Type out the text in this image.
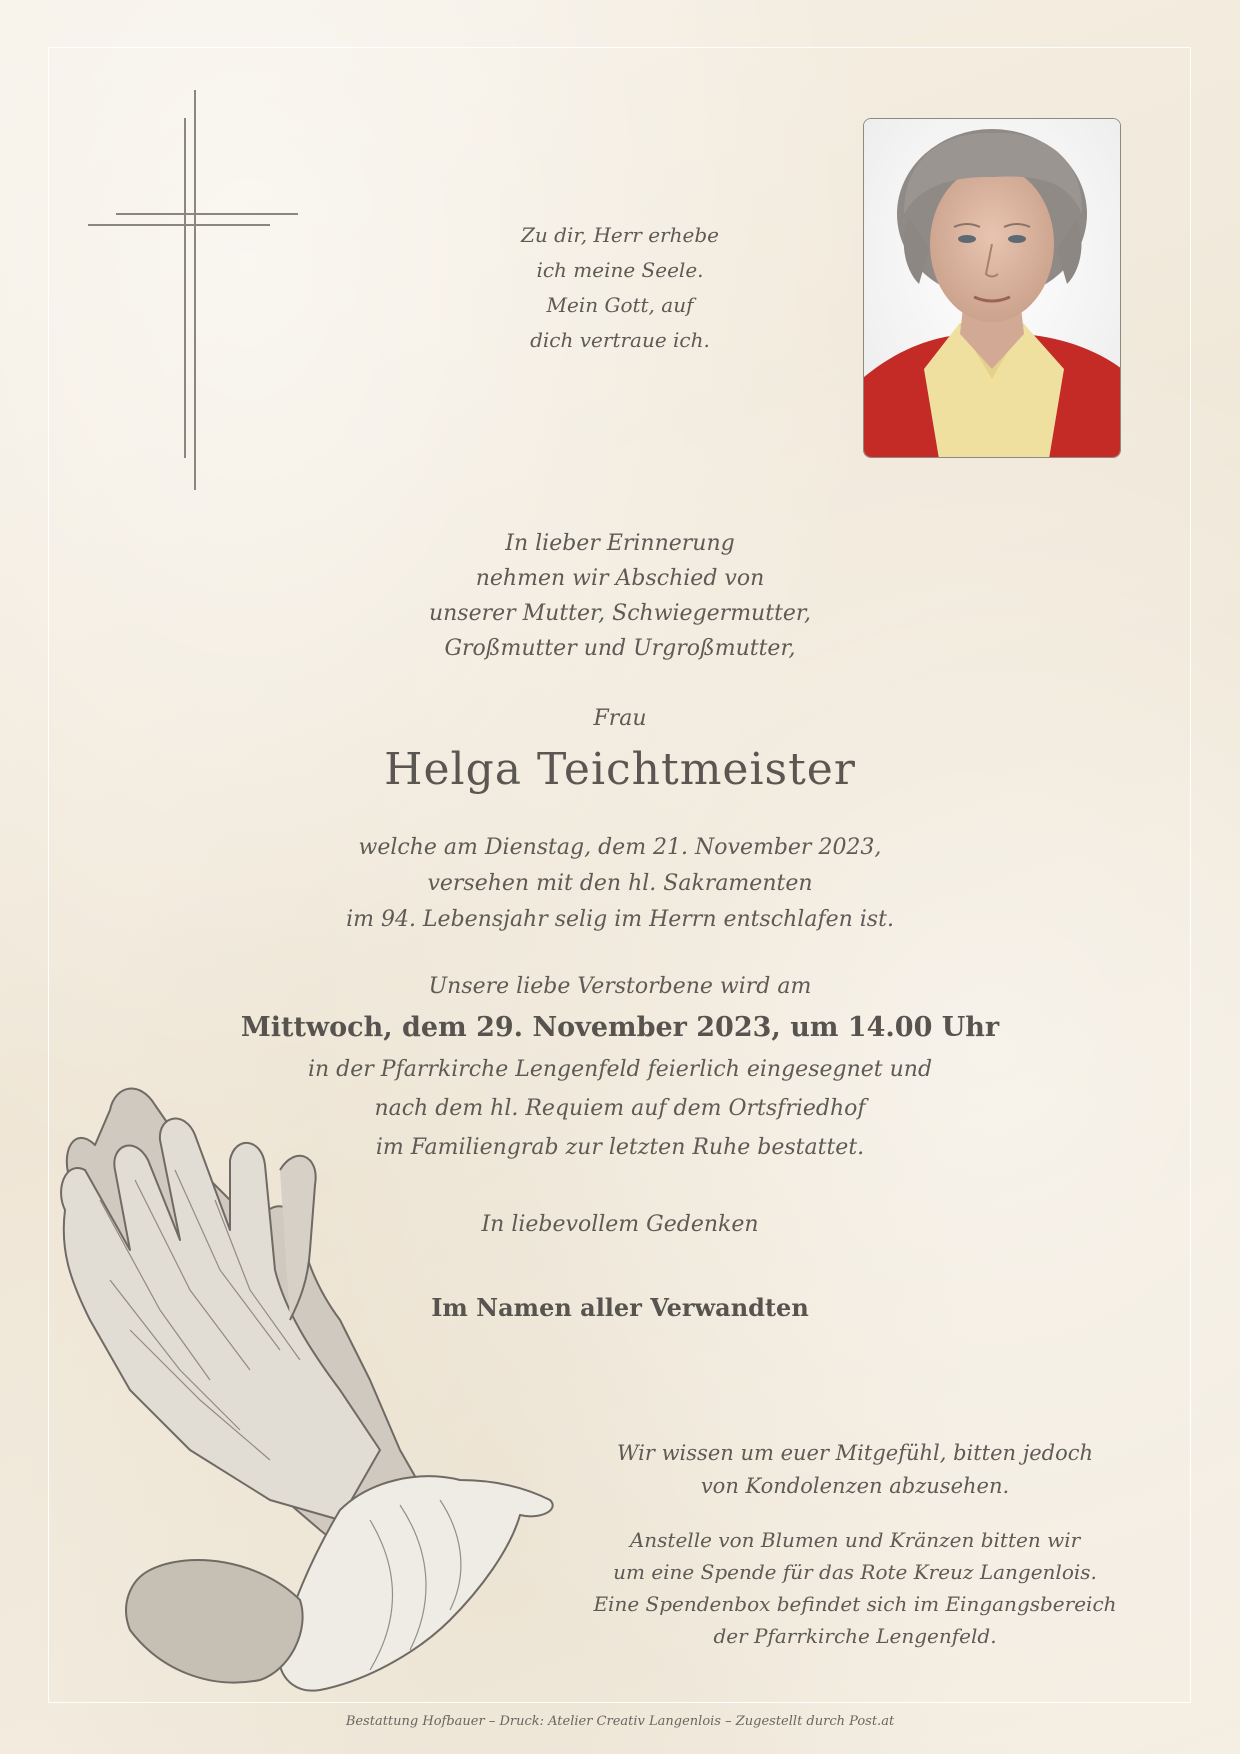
Zu dir, Herr erhebe
ich meine Seele.
Mein Gott, auf
dich vertraue ich.
In lieber Erinnerung
nehmen wir Abschied von
unserer Mutter, Schwiegermutter,
Großmutter und Urgroßmutter,
Frau
Helga Teichtmeister
welche am Dienstag, dem 21. November 2023,
versehen mit den hl. Sakramenten
im 94. Lebensjahr selig im Herrn entschlafen ist.
Unsere liebe Verstorbene wird am
Mittwoch, dem 29. November 2023, um 14.00 Uhr
in der Pfarrkirche Lengenfeld feierlich eingesegnet und
nach dem hl. Requiem auf dem Ortsfriedhof
im Familiengrab zur letzten Ruhe bestattet.
In liebevollem Gedenken
Im Namen aller Verwandten
Wir wissen um euer Mitgefühl, bitten jedoch
von Kondolenzen abzusehen.
Anstelle von Blumen und Kränzen bitten wir
um eine Spende für das Rote Kreuz Langenlois.
Eine Spendenbox befindet sich im Eingangsbereich
der Pfarrkirche Lengenfeld.
Bestattung Hofbauer – Druck: Atelier Creativ Langenlois – Zugestellt durch Post.at
